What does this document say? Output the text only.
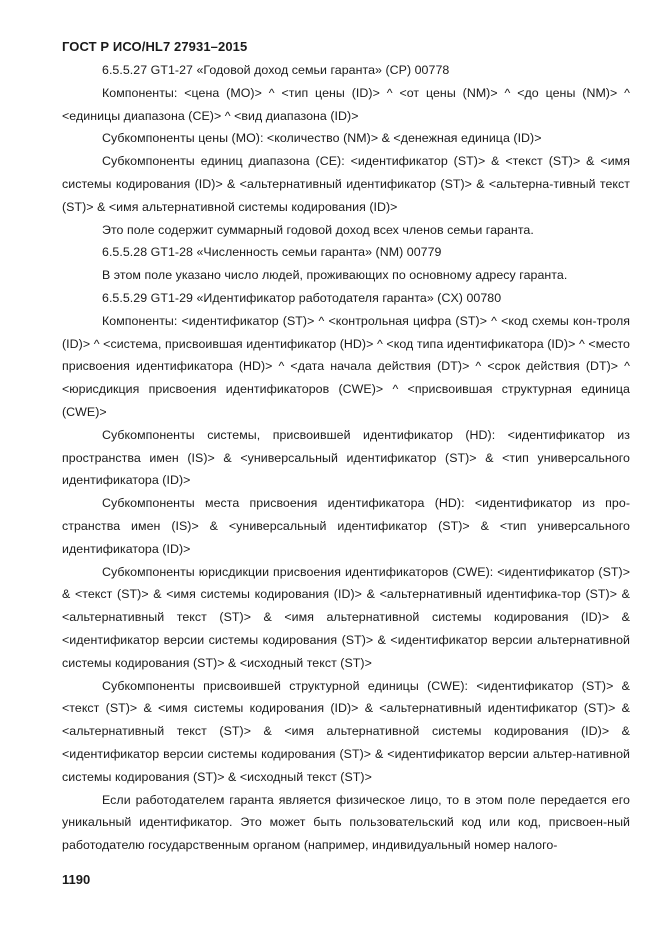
ГОСТ Р ИСО/HL7 27931–2015

6.5.5.27 GT1-27 «Годовой доход семьи гаранта» (CP) 00778

Компоненты: <цена (MO)> ^ <тип цены (ID)> ^ <от цены (NM)> ^ <до цены (NM)> ^ <единицы диапазона (CE)> ^ <вид диапазона (ID)>

Субкомпоненты цены (MO): <количество (NM)> & <денежная единица (ID)>

Субкомпоненты единиц диапазона (CE): <идентификатор (ST)> & <текст (ST)> & <имя системы кодирования (ID)> & <альтернативный идентификатор (ST)> & <альтерна-тивный текст (ST)> & <имя альтернативной системы кодирования (ID)>

Это поле содержит суммарный годовой доход всех членов семьи гаранта.

6.5.5.28 GT1-28 «Численность семьи гаранта» (NM) 00779

В этом поле указано число людей, проживающих по основному адресу гаранта.

6.5.5.29 GT1-29 «Идентификатор работодателя гаранта» (CX) 00780

Компоненты: <идентификатор (ST)> ^ <контрольная цифра (ST)> ^ <код схемы кон-троля (ID)> ^ <система, присвоившая идентификатор (HD)> ^ <код типа идентификатора (ID)> ^ <место присвоения идентификатора (HD)> ^ <дата начала действия (DT)> ^ <срок действия (DT)> ^ <юрисдикция присвоения идентификаторов (CWE)> ^ <присвоившая структурная единица (CWE)>

Субкомпоненты системы, присвоившей идентификатор (HD): <идентификатор из пространства имен (IS)> & <универсальный идентификатор (ST)> & <тип универсального идентификатора (ID)>

Субкомпоненты места присвоения идентификатора (HD): <идентификатор из про-странства имен (IS)> & <универсальный идентификатор (ST)> & <тип универсального идентификатора (ID)>

Субкомпоненты юрисдикции присвоения идентификаторов (CWE): <идентификатор (ST)> & <текст (ST)> & <имя системы кодирования (ID)> & <альтернативный идентифика-тор (ST)> & <альтернативный текст (ST)> & <имя альтернативной системы кодирования (ID)> & <идентификатор версии системы кодирования (ST)> & <идентификатор версии альтернативной системы кодирования (ST)> & <исходный текст (ST)>

Субкомпоненты присвоившей структурной единицы (CWE): <идентификатор (ST)> & <текст (ST)> & <имя системы кодирования (ID)> & <альтернативный идентификатор (ST)> & <альтернативный текст (ST)> & <имя альтернативной системы кодирования (ID)> & <идентификатор версии системы кодирования (ST)> & <идентификатор версии альтер-нативной системы кодирования (ST)> & <исходный текст (ST)>

Если работодателем гаранта является физическое лицо, то в этом поле передается его уникальный идентификатор. Это может быть пользовательский код или код, присвоен-ный работодателю государственным органом (например, индивидуальный номер налого-

1190
